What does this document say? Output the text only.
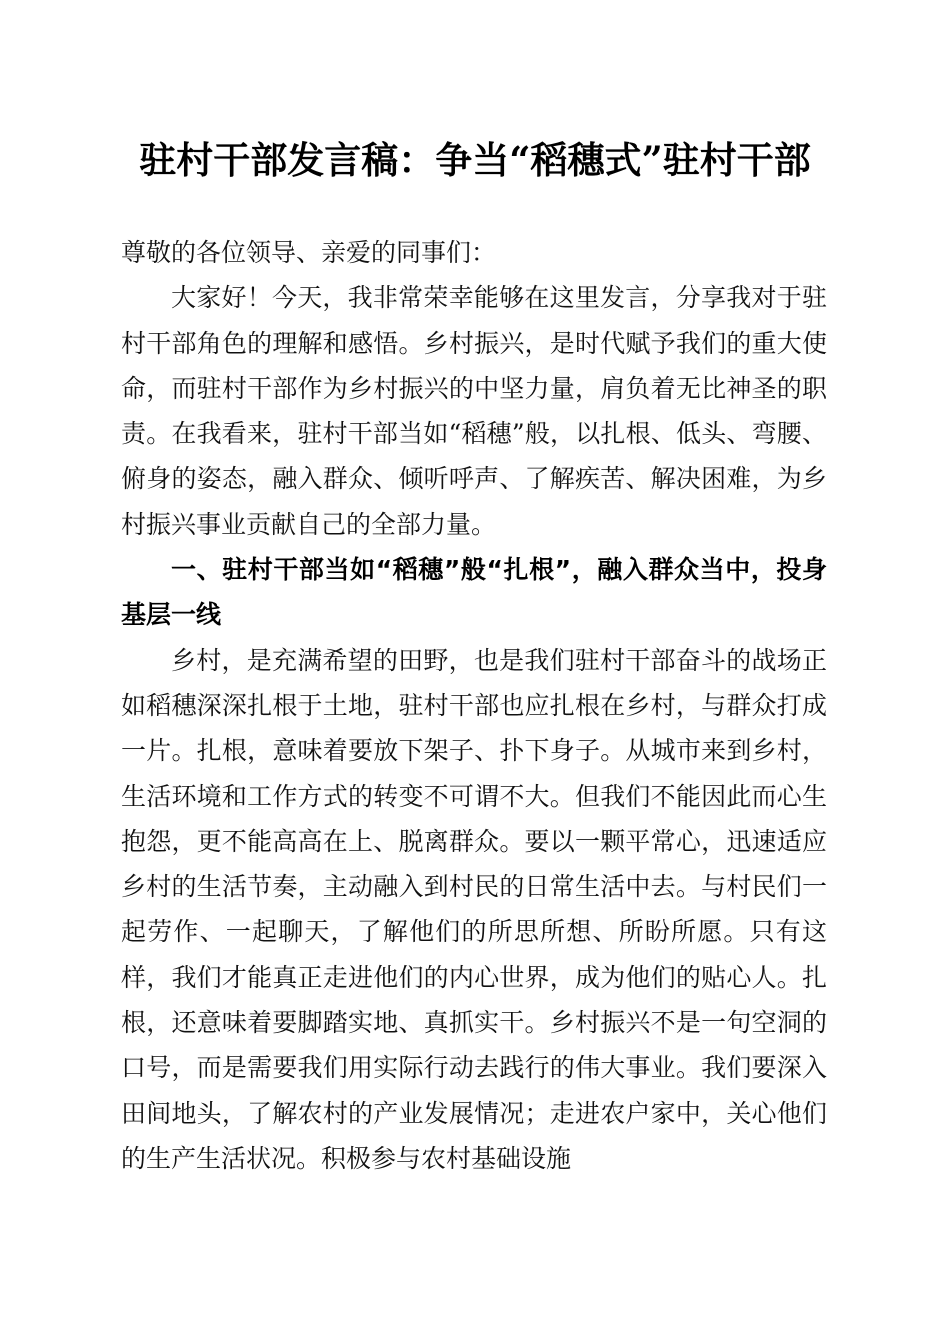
驻村干部发言稿：争当“稻穗式”驻村干部

尊敬的各位领导、亲爱的同事们：

大家好！今天，我非常荣幸能够在这里发言，分享我对于驻村干部角色的理解和感悟。乡村振兴，是时代赋予我们的重大使命，而驻村干部作为乡村振兴的中坚力量，肩负着无比神圣的职责。在我看来，驻村干部当如“稻穗”般，以扎根、低头、弯腰、俯身的姿态，融入群众、倾听呼声、了解疾苦、解决困难，为乡村振兴事业贡献自己的全部力量。

一、驻村干部当如“稻穗”般“扎根”，融入群众当中，投身基层一线

乡村，是充满希望的田野，也是我们驻村干部奋斗的战场正如稻穗深深扎根于土地，驻村干部也应扎根在乡村，与群众打成一片。扎根，意味着要放下架子、扑下身子。从城市来到乡村，生活环境和工作方式的转变不可谓不大。但我们不能因此而心生抱怨，更不能高高在上、脱离群众。要以一颗平常心，迅速适应乡村的生活节奏，主动融入到村民的日常生活中去。与村民们一起劳作、一起聊天，了解他们的所思所想、所盼所愿。只有这样，我们才能真正走进他们的内心世界，成为他们的贴心人。扎根，还意味着要脚踏实地、真抓实干。乡村振兴不是一句空洞的口号，而是需要我们用实际行动去践行的伟大事业。我们要深入田间地头，了解农村的产业发展情况；走进农户家中，关心他们的生产生活状况。积极参与农村基础设施
